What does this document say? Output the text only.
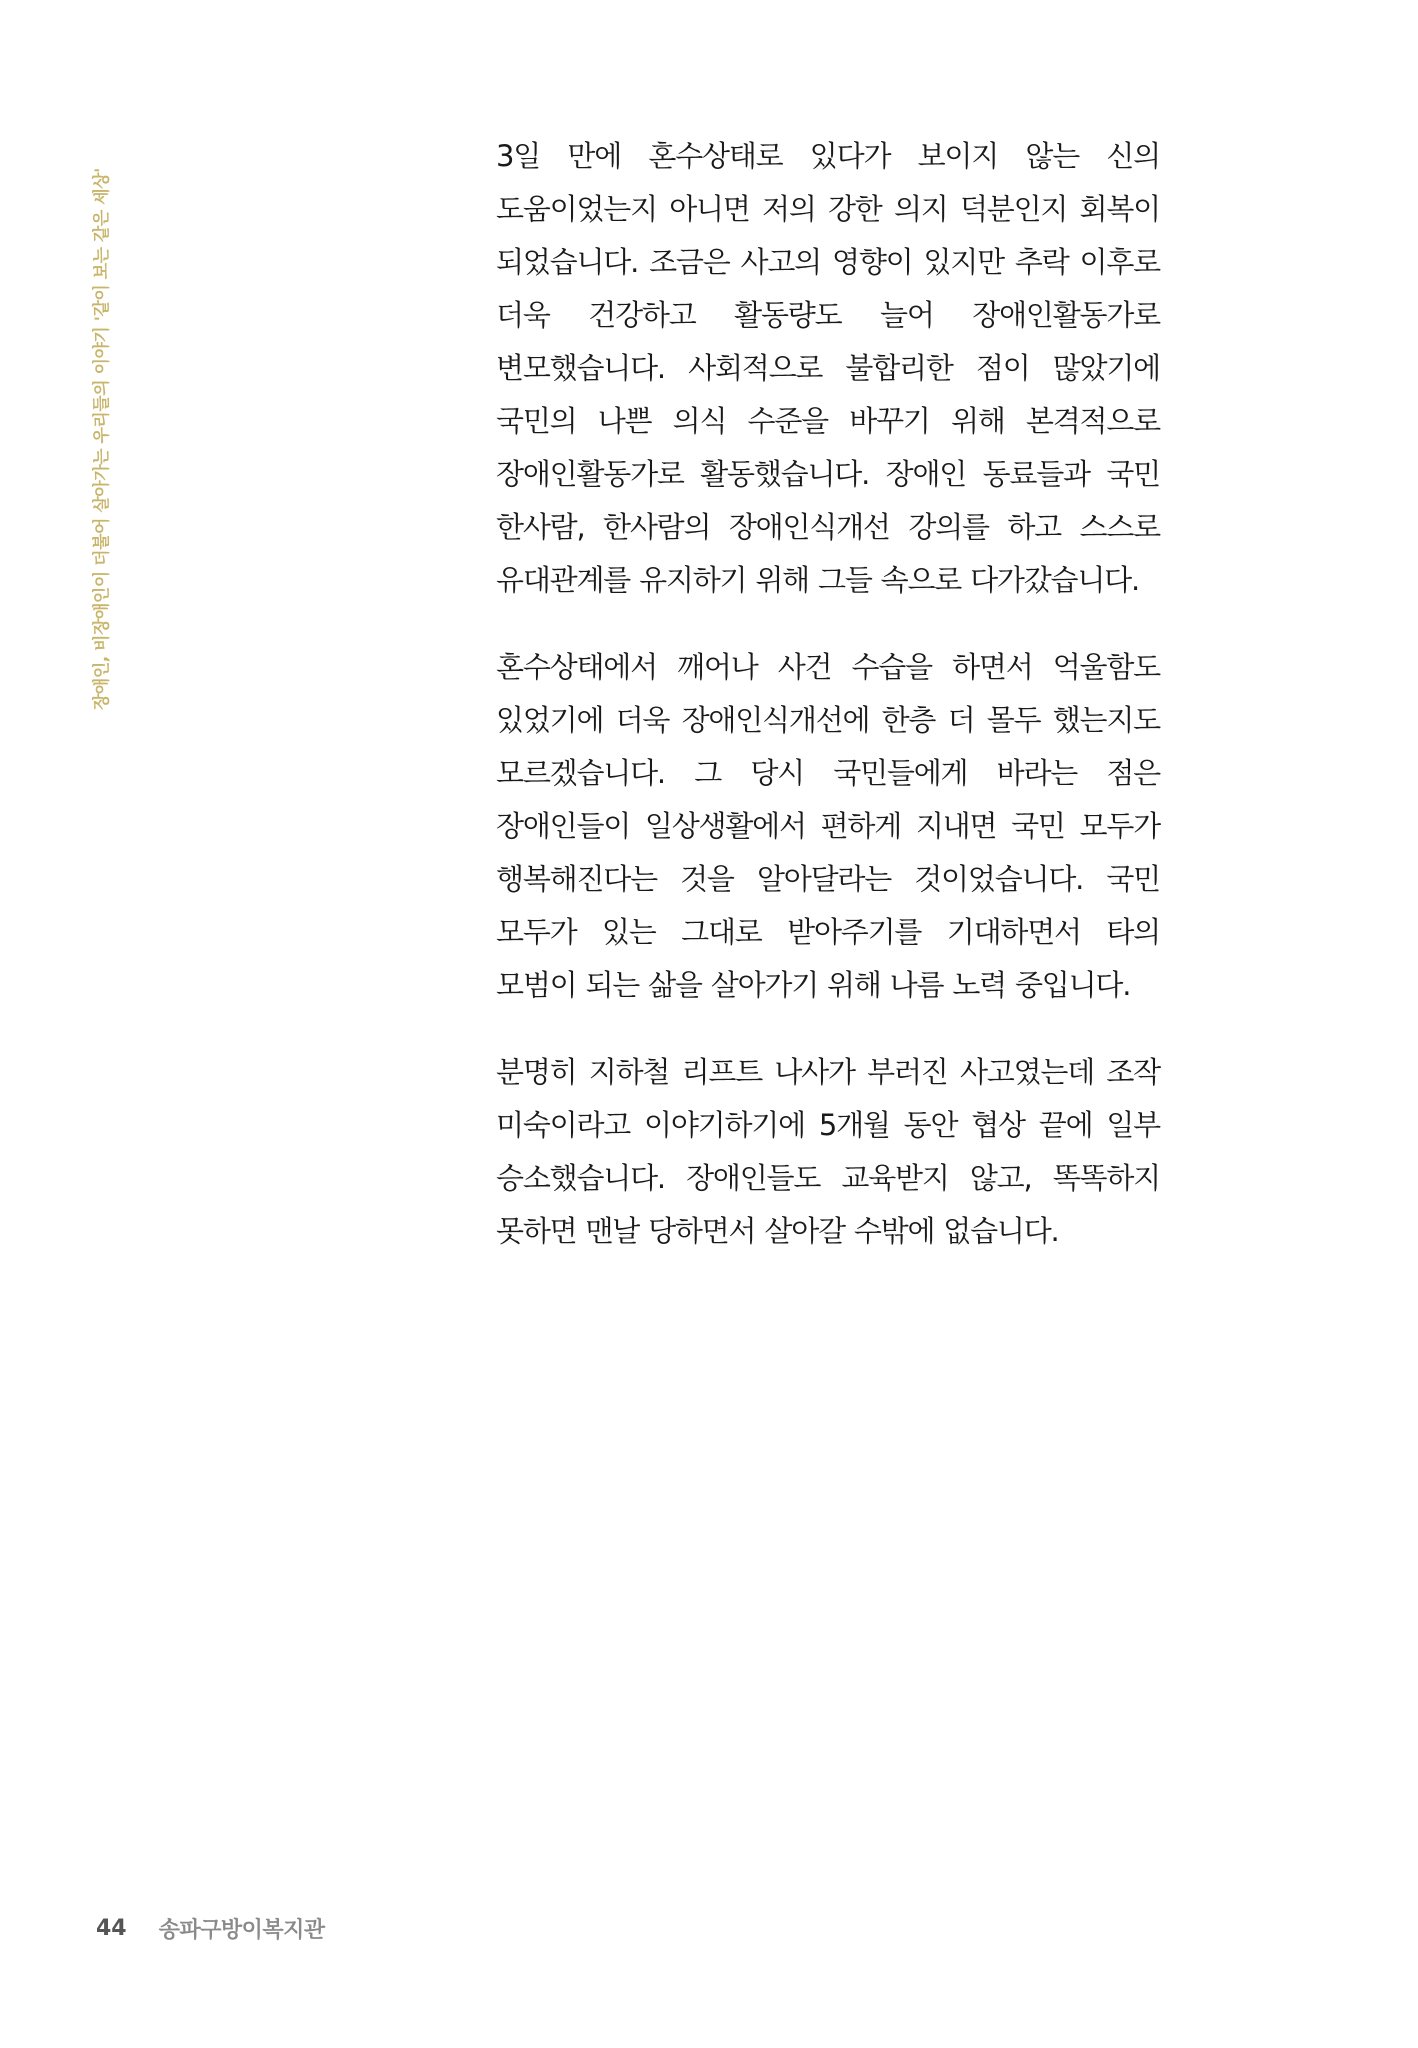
장애인, 비장애인이 더불어 살아가는 우리들의 이야기 '같이 보는 같은 세상'

3일 만에 혼수상태로 있다가 보이지 않는 신의 도움이었는지 아니면 저의 강한 의지 덕분인지 회복이 되었습니다. 조금은 사고의 영향이 있지만 추락 이후로 더욱 건강하고 활동량도 늘어 장애인활동가로 변모했습니다. 사회적으로 불합리한 점이 많았기에 국민의 나쁜 의식 수준을 바꾸기 위해 본격적으로 장애인활동가로 활동했습니다. 장애인 동료들과 국민 한사람, 한사람의 장애인식개선 강의를 하고 스스로 유대관계를 유지하기 위해 그들 속으로 다가갔습니다.

혼수상태에서 깨어나 사건 수습을 하면서 억울함도 있었기에 더욱 장애인식개선에 한층 더 몰두 했는지도 모르겠습니다. 그 당시 국민들에게 바라는 점은 장애인들이 일상생활에서 편하게 지내면 국민 모두가 행복해진다는 것을 알아달라는 것이었습니다. 국민 모두가 있는 그대로 받아주기를 기대하면서 타의 모범이 되는 삶을 살아가기 위해 나름 노력 중입니다.

분명히 지하철 리프트 나사가 부러진 사고였는데 조작 미숙이라고 이야기하기에 5개월 동안 협상 끝에 일부 승소했습니다. 장애인들도 교육받지 않고, 똑똑하지 못하면 맨날 당하면서 살아갈 수밖에 없습니다.

44 송파구방이복지관
